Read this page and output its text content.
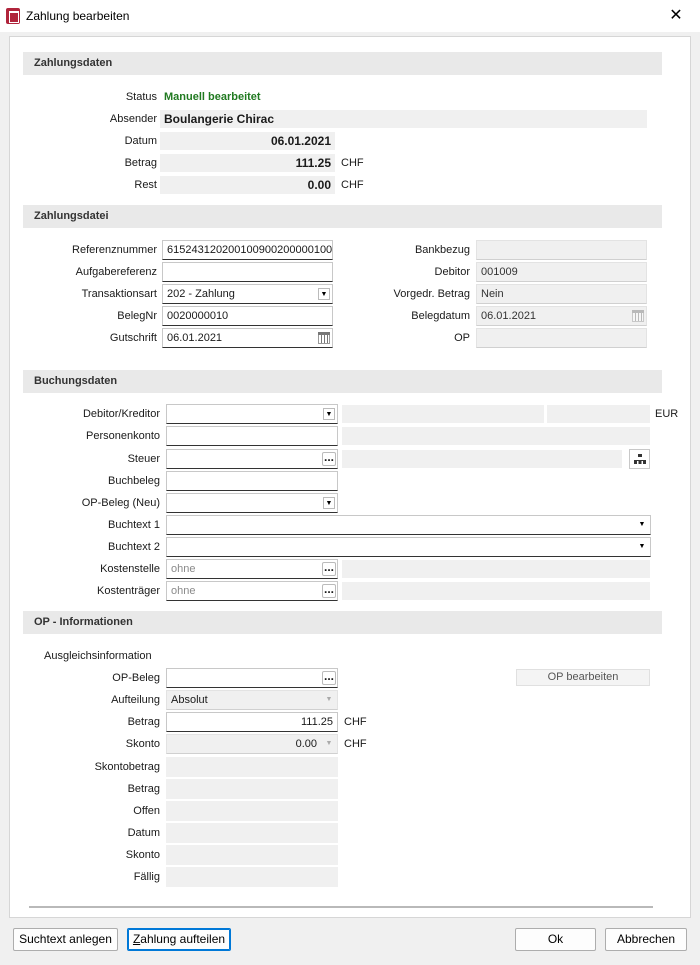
Zahlung bearbeiten	✕
Zahlungsdaten
Status Manuell bearbeitet
Absender Boulangerie Chirac
Datum	06.01.2021
Betrag	111.25 CHF
Rest	0.00 CHF
Zahlungsdatei
Referenznummer 615243120200100900200000100
Aufgabereferenz
Transaktionsart 202 - Zahlung	▼
BelegNr 0020000010
Gutschrift 06.01.2021
Bankbezug
Debitor	001009
Vorgedr. Betrag	Nein
Belegdatum	06.01.2021
OP
Buchungsdaten
Debitor/Kreditor	▼	EUR
Personenkonto
Steuer	...
Buchbeleg
OP-Beleg (Neu)	▼
Buchtext 1	▼
Buchtext 2	▼
Kostenstelle	ohne	...
Kostenträger	ohne	...
OP - Informationen
Ausgleichsinformation
OP-Beleg	...	OP bearbeiten
Aufteilung	Absolut	▼
Betrag	111.25	CHF
Skonto	0.00	▼ CHF
Skontobetrag
Betrag
Offen
Datum
Skonto
Fällig
Suchtext anlegen	Zahlung aufteilen	Ok	Abbrechen
